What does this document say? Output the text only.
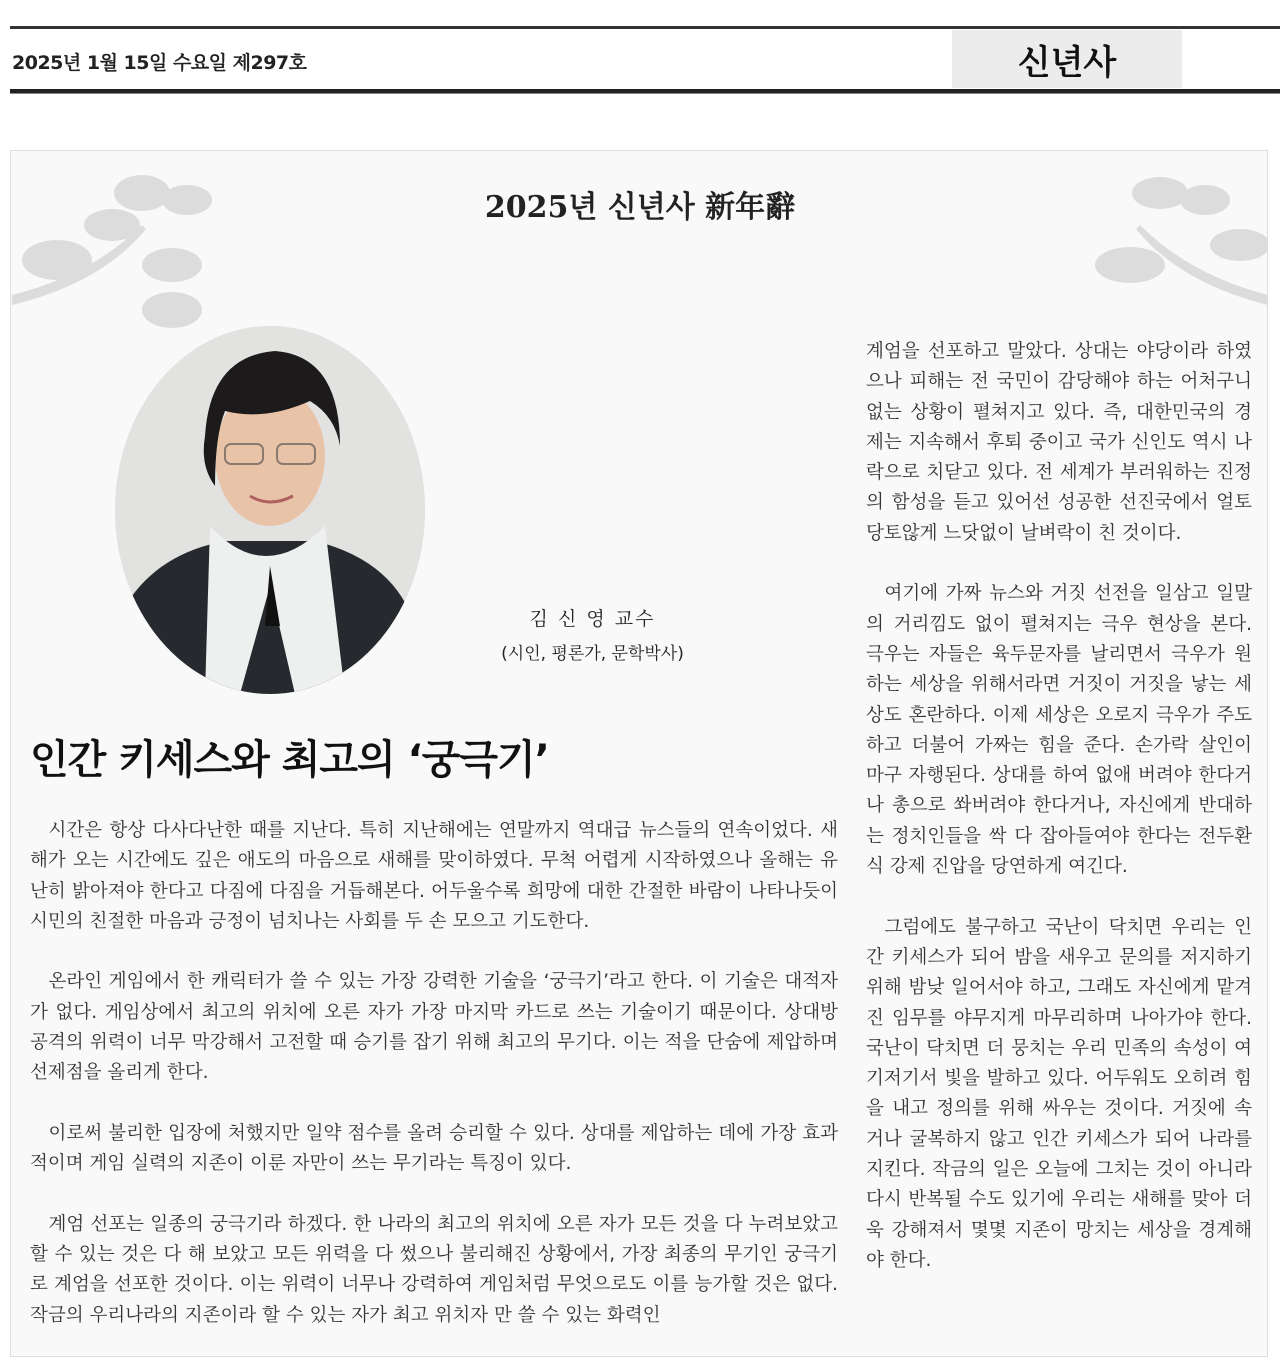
2025년 1월 15일 수요일 제297호	신년사
2025년 신년사 新年辭
김 신 영 교수
(시인, 평론가, 문학박사)
인간 키세스와 최고의 ‘궁극기’

시간은 항상 다사다난한 때를 지난다. 특히 지난해에는 연말까지 역대급 뉴스들의 연속이었다. 새해가 오는 시간에도 깊은 애도의 마음으로 새해를 맞이하였다. 무척 어렵게 시작하였으나 올해는 유난히 밝아져야 한다고 다짐에 다짐을 거듭해본다. 어두울수록 희망에 대한 간절한 바람이 나타나듯이 시민의 친절한 마음과 긍정이 넘치나는 사회를 두 손 모으고 기도한다.

온라인 게임에서 한 캐릭터가 쓸 수 있는 가장 강력한 기술을 ‘궁극기’라고 한다. 이 기술은 대적자가 없다. 게임상에서 최고의 위치에 오른 자가 가장 마지막 카드로 쓰는 기술이기 때문이다. 상대방 공격의 위력이 너무 막강해서 고전할 때 승기를 잡기 위해 최고의 무기다. 이는 적을 단숨에 제압하며 선제점을 올리게 한다.

이로써 불리한 입장에 처했지만 일약 점수를 올려 승리할 수 있다. 상대를 제압하는 데에 가장 효과적이며 게임 실력의 지존이 이룬 자만이 쓰는 무기라는 특징이 있다.

계엄 선포는 일종의 궁극기라 하겠다. 한 나라의 최고의 위치에 오른 자가 모든 것을 다 누려보았고 할 수 있는 것은 다 해 보았고 모든 위력을 다 썼으나 불리해진 상황에서, 가장 최종의 무기인 궁극기로 계엄을 선포한 것이다. 이는 위력이 너무나 강력하여 게임처럼 무엇으로도 이를 능가할 것은 없다. 작금의 우리나라의 지존이라 할 수 있는 자가 최고 위치자 만 쓸 수 있는 화력인

계엄을 선포하고 말았다. 상대는 야당이라 하였으나 피해는 전 국민이 감당해야 하는 어처구니없는 상황이 펼쳐지고 있다. 즉, 대한민국의 경제는 지속해서 후퇴 중이고 국가 신인도 역시 나락으로 치닫고 있다. 전 세계가 부러워하는 진정의 함성을 듣고 있어선 성공한 선진국에서 얼토당토않게 느닷없이 날벼락이 친 것이다.

여기에 가짜 뉴스와 거짓 선전을 일삼고 일말의 거리낌도 없이 펼쳐지는 극우 현상을 본다. 극우는 자들은 육두문자를 날리면서 극우가 원하는 세상을 위해서라면 거짓이 거짓을 낳는 세상도 혼란하다. 이제 세상은 오로지 극우가 주도하고 더불어 가짜는 힘을 준다. 손가락 살인이 마구 자행된다. 상대를 하여 없애 버려야 한다거나 총으로 쏴버려야 한다거나, 자신에게 반대하는 정치인들을 싹 다 잡아들여야 한다는 전두환식 강제 진압을 당연하게 여긴다.

그럼에도 불구하고 국난이 닥치면 우리는 인간 키세스가 되어 밤을 새우고 문의를 저지하기 위해 밤낮 일어서야 하고, 그래도 자신에게 맡겨진 임무를 야무지게 마무리하며 나아가야 한다. 국난이 닥치면 더 뭉치는 우리 민족의 속성이 여기저기서 빛을 발하고 있다. 어두워도 오히려 힘을 내고 정의를 위해 싸우는 것이다. 거짓에 속거나 굴복하지 않고 인간 키세스가 되어 나라를 지킨다. 작금의 일은 오늘에 그치는 것이 아니라 다시 반복될 수도 있기에 우리는 새해를 맞아 더욱 강해져서 몇몇 지존이 망치는 세상을 경계해야 한다.
